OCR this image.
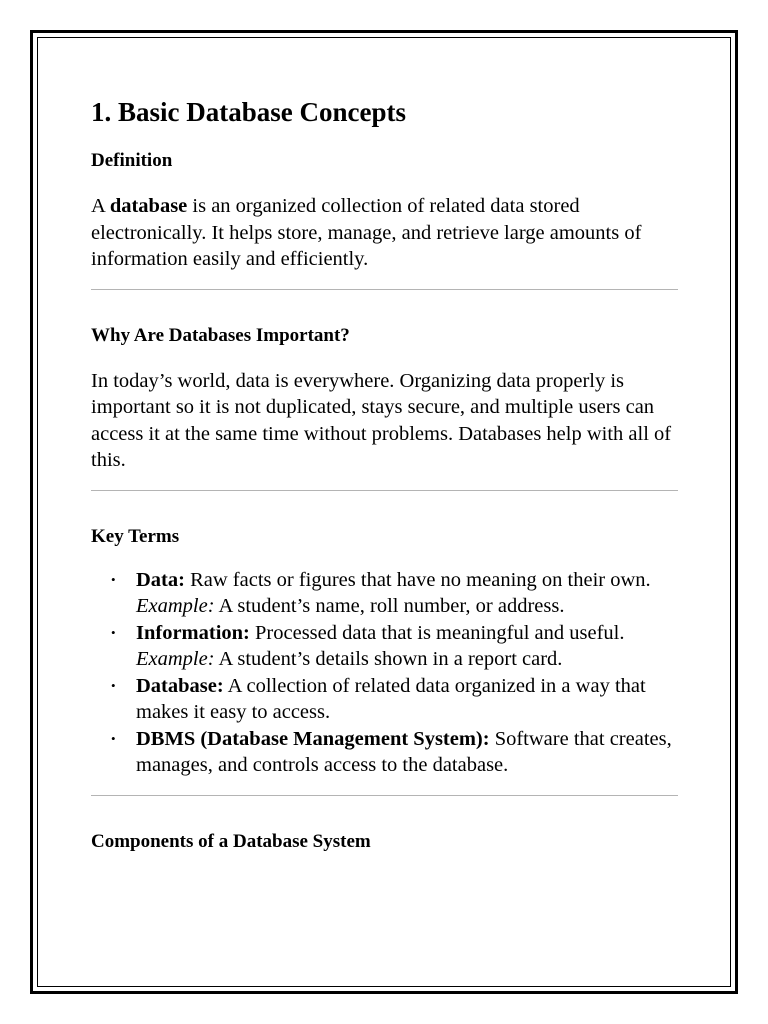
1. Basic Database Concepts
Definition

A database is an organized collection of related data stored electronically. It helps store, manage, and retrieve large amounts of information easily and efficiently.

Why Are Databases Important?

In today’s world, data is everywhere. Organizing data properly is important so it is not duplicated, stays secure, and multiple users can access it at the same time without problems. Databases help with all of this.

Key Terms
• Data: Raw facts or figures that have no meaning on their own.
Example: A student’s name, roll number, or address.
• Information: Processed data that is meaningful and useful.
Example: A student’s details shown in a report card.
• Database: A collection of related data organized in a way that makes it easy to access.
• DBMS (Database Management System): Software that creates, manages, and controls access to the database.
Components of a Database System
